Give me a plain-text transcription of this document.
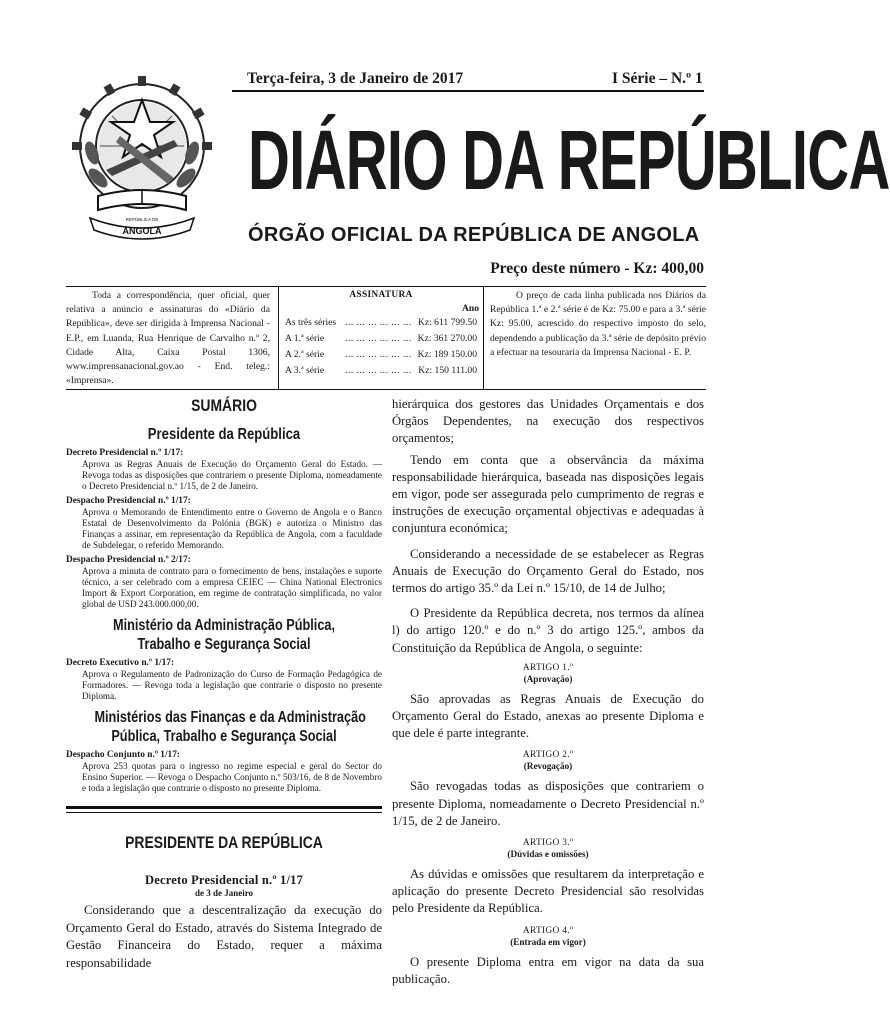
ANGOLA
REPÚBLICA DE
Terça-feira, 3 de Janeiro de 2017	I Série – N.º 1
DIÁRIO DA REPÚBLICA
ÓRGÃO OFICIAL DA REPÚBLICA DE ANGOLA
Preço deste número - Kz: 400,00
Toda a correspondência, quer oficial, quer relativa a anúncio e assinaturas do «Diário da República», deve ser dirigida à Imprensa Nacional - E.P., em Luanda, Rua Henrique de Carvalho n.º 2, Cidade Alta, Caixa Postal 1306, www.imprensanacional.gov.ao - End. teleg.: «Imprensa».
ASSINATURA
Ano
As três séries ... ... ... ... ... ... Kz: 611 799.50
A 1.ª série ... ... ... ... ... ... Kz: 361 270.00
A 2.ª série ... ... ... ... ... ... Kz: 189 150.00
A 3.ª série ... ... ... ... ... ... Kz: 150 111.00
O preço de cada linha publicada nos Diários da República 1.ª e 2.ª série é de Kz: 75.00 e para a 3.ª série Kz: 95.00, acrescido do respectivo imposto do selo, dependendo a publicação da 3.ª série de depósito prévio a efectuar na tesouraria da Imprensa Nacional - E. P.
SUMÁRIO
Presidente da República
Decreto Presidencial n.º 1/17:
Aprova as Regras Anuais de Execução do Orçamento Geral do Estado. — Revoga todas as disposições que contrariem o presente Diploma, nomeadamente o Decreto Presidencial n.º 1/15, de 2 de Janeiro.
Despacho Presidencial n.º 1/17:
Aprova o Memorando de Entendimento entre o Governo de Angola e o Banco Estatal de Desenvolvimento da Polónia (BGK) e autoriza o Ministro das Finanças a assinar, em representação da República de Angola, com a faculdade de Subdelegar, o referido Memorando.
Despacho Presidencial n.º 2/17:
Aprova a minuta de contrato para o fornecimento de bens, instalações e suporte técnico, a ser celebrado com a empresa CEIEC — China National Electronics Import & Export Corporation, em regime de contratação simplificada, no valor global de USD 243.000.000,00.
Ministério da Administração Pública,
Trabalho e Segurança Social
Decreto Executivo n.º 1/17:
Aprova o Regulamento de Padronização do Curso de Formação Pedagógica de Formadores. — Revoga toda a legislação que contrarie o disposto no presente Diploma.
Ministérios das Finanças e da Administração
Pública, Trabalho e Segurança Social
Despacho Conjunto n.º 1/17:
Aprova 253 quotas para o ingresso no regime especial e geral do Sector do Ensino Superior. — Revoga o Despacho Conjunto n.º 503/16, de 8 de Novembro e toda a legislação que contrarie o disposto no presente Diploma.
PRESIDENTE DA REPÚBLICA
Decreto Presidencial n.º 1/17
de 3 de Janeiro
Considerando que a descentralização da execução do Orçamento Geral do Estado, através do Sistema Integrado de Gestão Financeira do Estado, requer a máxima responsabilidade

hierárquica dos gestores das Unidades Orçamentais e dos Órgãos Dependentes, na execução dos respectivos orçamentos;

Tendo em conta que a observância da máxima responsabilidade hierárquica, baseada nas disposições legais em vigor, pode ser assegurada pelo cumprimento de regras e instruções de execução orçamental objectivas e adequadas à conjuntura económica;

Considerando a necessidade de se estabelecer as Regras Anuais de Execução do Orçamento Geral do Estado, nos termos do artigo 35.º da Lei n.º 15/10, de 14 de Julho;

O Presidente da República decreta, nos termos da alínea l) do artigo 120.º e do n.º 3 do artigo 125.º, ambos da Constituição da República de Angola, o seguinte:

ARTIGO 1.º
(Aprovação)

São aprovadas as Regras Anuais de Execução do Orçamento Geral do Estado, anexas ao presente Diploma e que dele é parte integrante.

ARTIGO 2.º
(Revogação)

São revogadas todas as disposições que contrariem o presente Diploma, nomeadamente o Decreto Presidencial n.º 1/15, de 2 de Janeiro.

ARTIGO 3.º
(Dúvidas e omissões)

As dúvidas e omissões que resultarem da interpretação e aplicação do presente Decreto Presidencial são resolvidas pelo Presidente da República.

ARTIGO 4.º
(Entrada em vigor)

O presente Diploma entra em vigor na data da sua publicação.
